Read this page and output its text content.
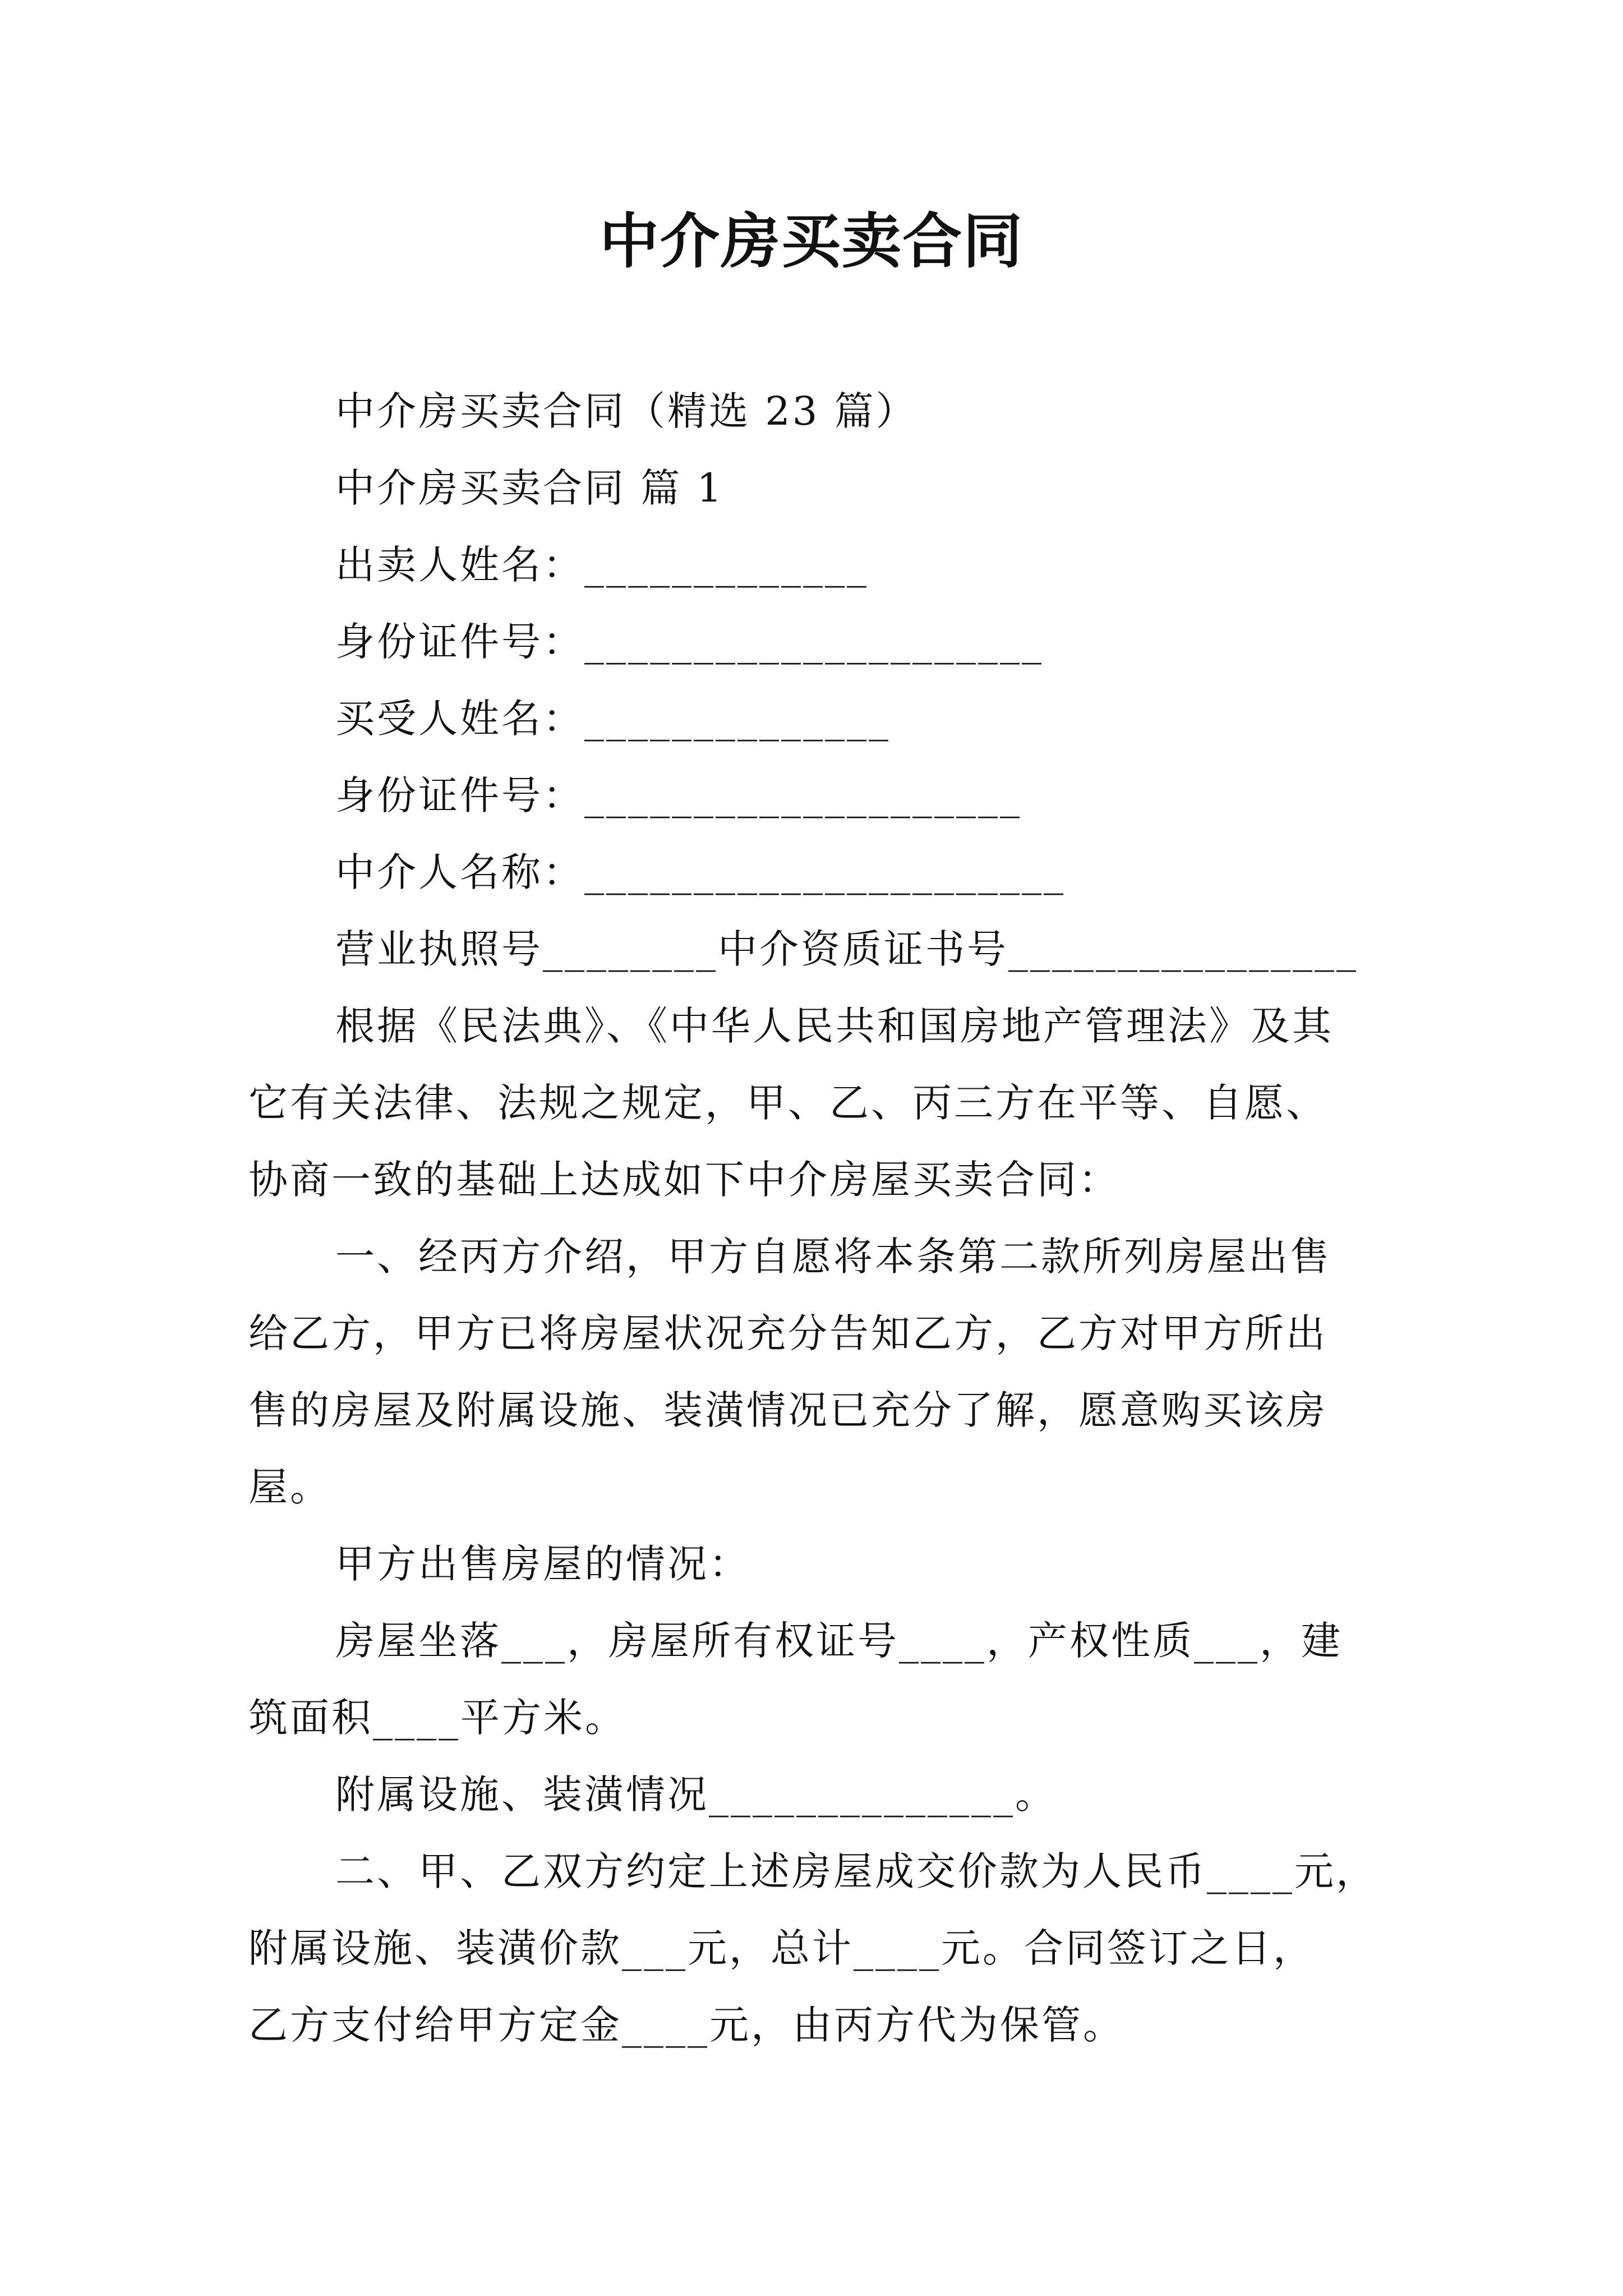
中介房买卖合同
中介房买卖合同（精选 23 篇）
中介房买卖合同 篇 1
出卖人姓名：_____________
身份证件号：_____________________
买受人姓名：______________
身份证件号：____________________
中介人名称：______________________
营业执照号________中介资质证书号________________
根据《民法典》、《中华人民共和国房地产管理法》及其
它有关法律、法规之规定，甲、乙、丙三方在平等、自愿、
协商一致的基础上达成如下中介房屋买卖合同：
一、经丙方介绍，甲方自愿将本条第二款所列房屋出售
给乙方，甲方已将房屋状况充分告知乙方，乙方对甲方所出
售的房屋及附属设施、装潢情况已充分了解，愿意购买该房
屋。
甲方出售房屋的情况：
房屋坐落___，房屋所有权证号____，产权性质___，建
筑面积____平方米。
附属设施、装潢情况______________。
二、甲、乙双方约定上述房屋成交价款为人民币____元，
附属设施、装潢价款___元，总计____元。合同签订之日，
乙方支付给甲方定金____元，由丙方代为保管。
